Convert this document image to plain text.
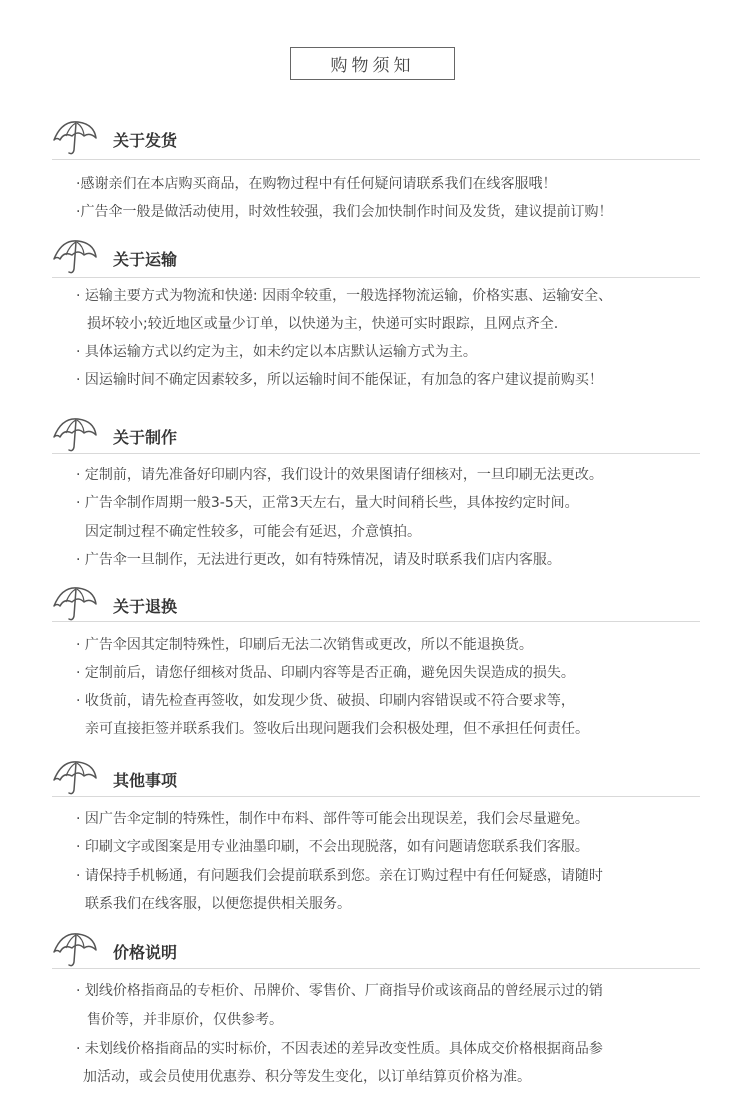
购物须知
关于发货
·感谢亲们在本店购买商品，在购物过程中有任何疑问请联系我们在线客服哦！
·广告伞一般是做活动使用，时效性较强，我们会加快制作时间及发货，建议提前订购！
关于运输
· 运输主要方式为物流和快递: 因雨伞较重，一般选择物流运输，价格实惠、运输安全、
损坏较小;较近地区或量少订单，以快递为主，快递可实时跟踪，且网点齐全.
· 具体运输方式以约定为主，如未约定以本店默认运输方式为主。
· 因运输时间不确定因素较多，所以运输时间不能保证，有加急的客户建议提前购买！
关于制作
· 定制前，请先准备好印刷内容，我们设计的效果图请仔细核对，一旦印刷无法更改。
· 广告伞制作周期一般3-5天，正常3天左右，量大时间稍长些，具体按约定时间。
因定制过程不确定性较多，可能会有延迟，介意慎拍。
· 广告伞一旦制作，无法进行更改，如有特殊情况，请及时联系我们店内客服。
关于退换
· 广告伞因其定制特殊性，印刷后无法二次销售或更改，所以不能退换货。
· 定制前后，请您仔细核对货品、印刷内容等是否正确，避免因失误造成的损失。
· 收货前，请先检查再签收，如发现少货、破损、印刷内容错误或不符合要求等，
亲可直接拒签并联系我们。签收后出现问题我们会积极处理，但不承担任何责任。
其他事项
· 因广告伞定制的特殊性，制作中布料、部件等可能会出现误差，我们会尽量避免。
· 印刷文字或图案是用专业油墨印刷，不会出现脱落，如有问题请您联系我们客服。
· 请保持手机畅通，有问题我们会提前联系到您。亲在订购过程中有任何疑惑，请随时
联系我们在线客服，以便您提供相关服务。
价格说明
· 划线价格指商品的专柜价、吊牌价、零售价、厂商指导价或该商品的曾经展示过的销
售价等，并非原价，仅供参考。
· 未划线价格指商品的实时标价，不因表述的差异改变性质。具体成交价格根据商品参
加活动，或会员使用优惠券、积分等发生变化，以订单结算页价格为准。
